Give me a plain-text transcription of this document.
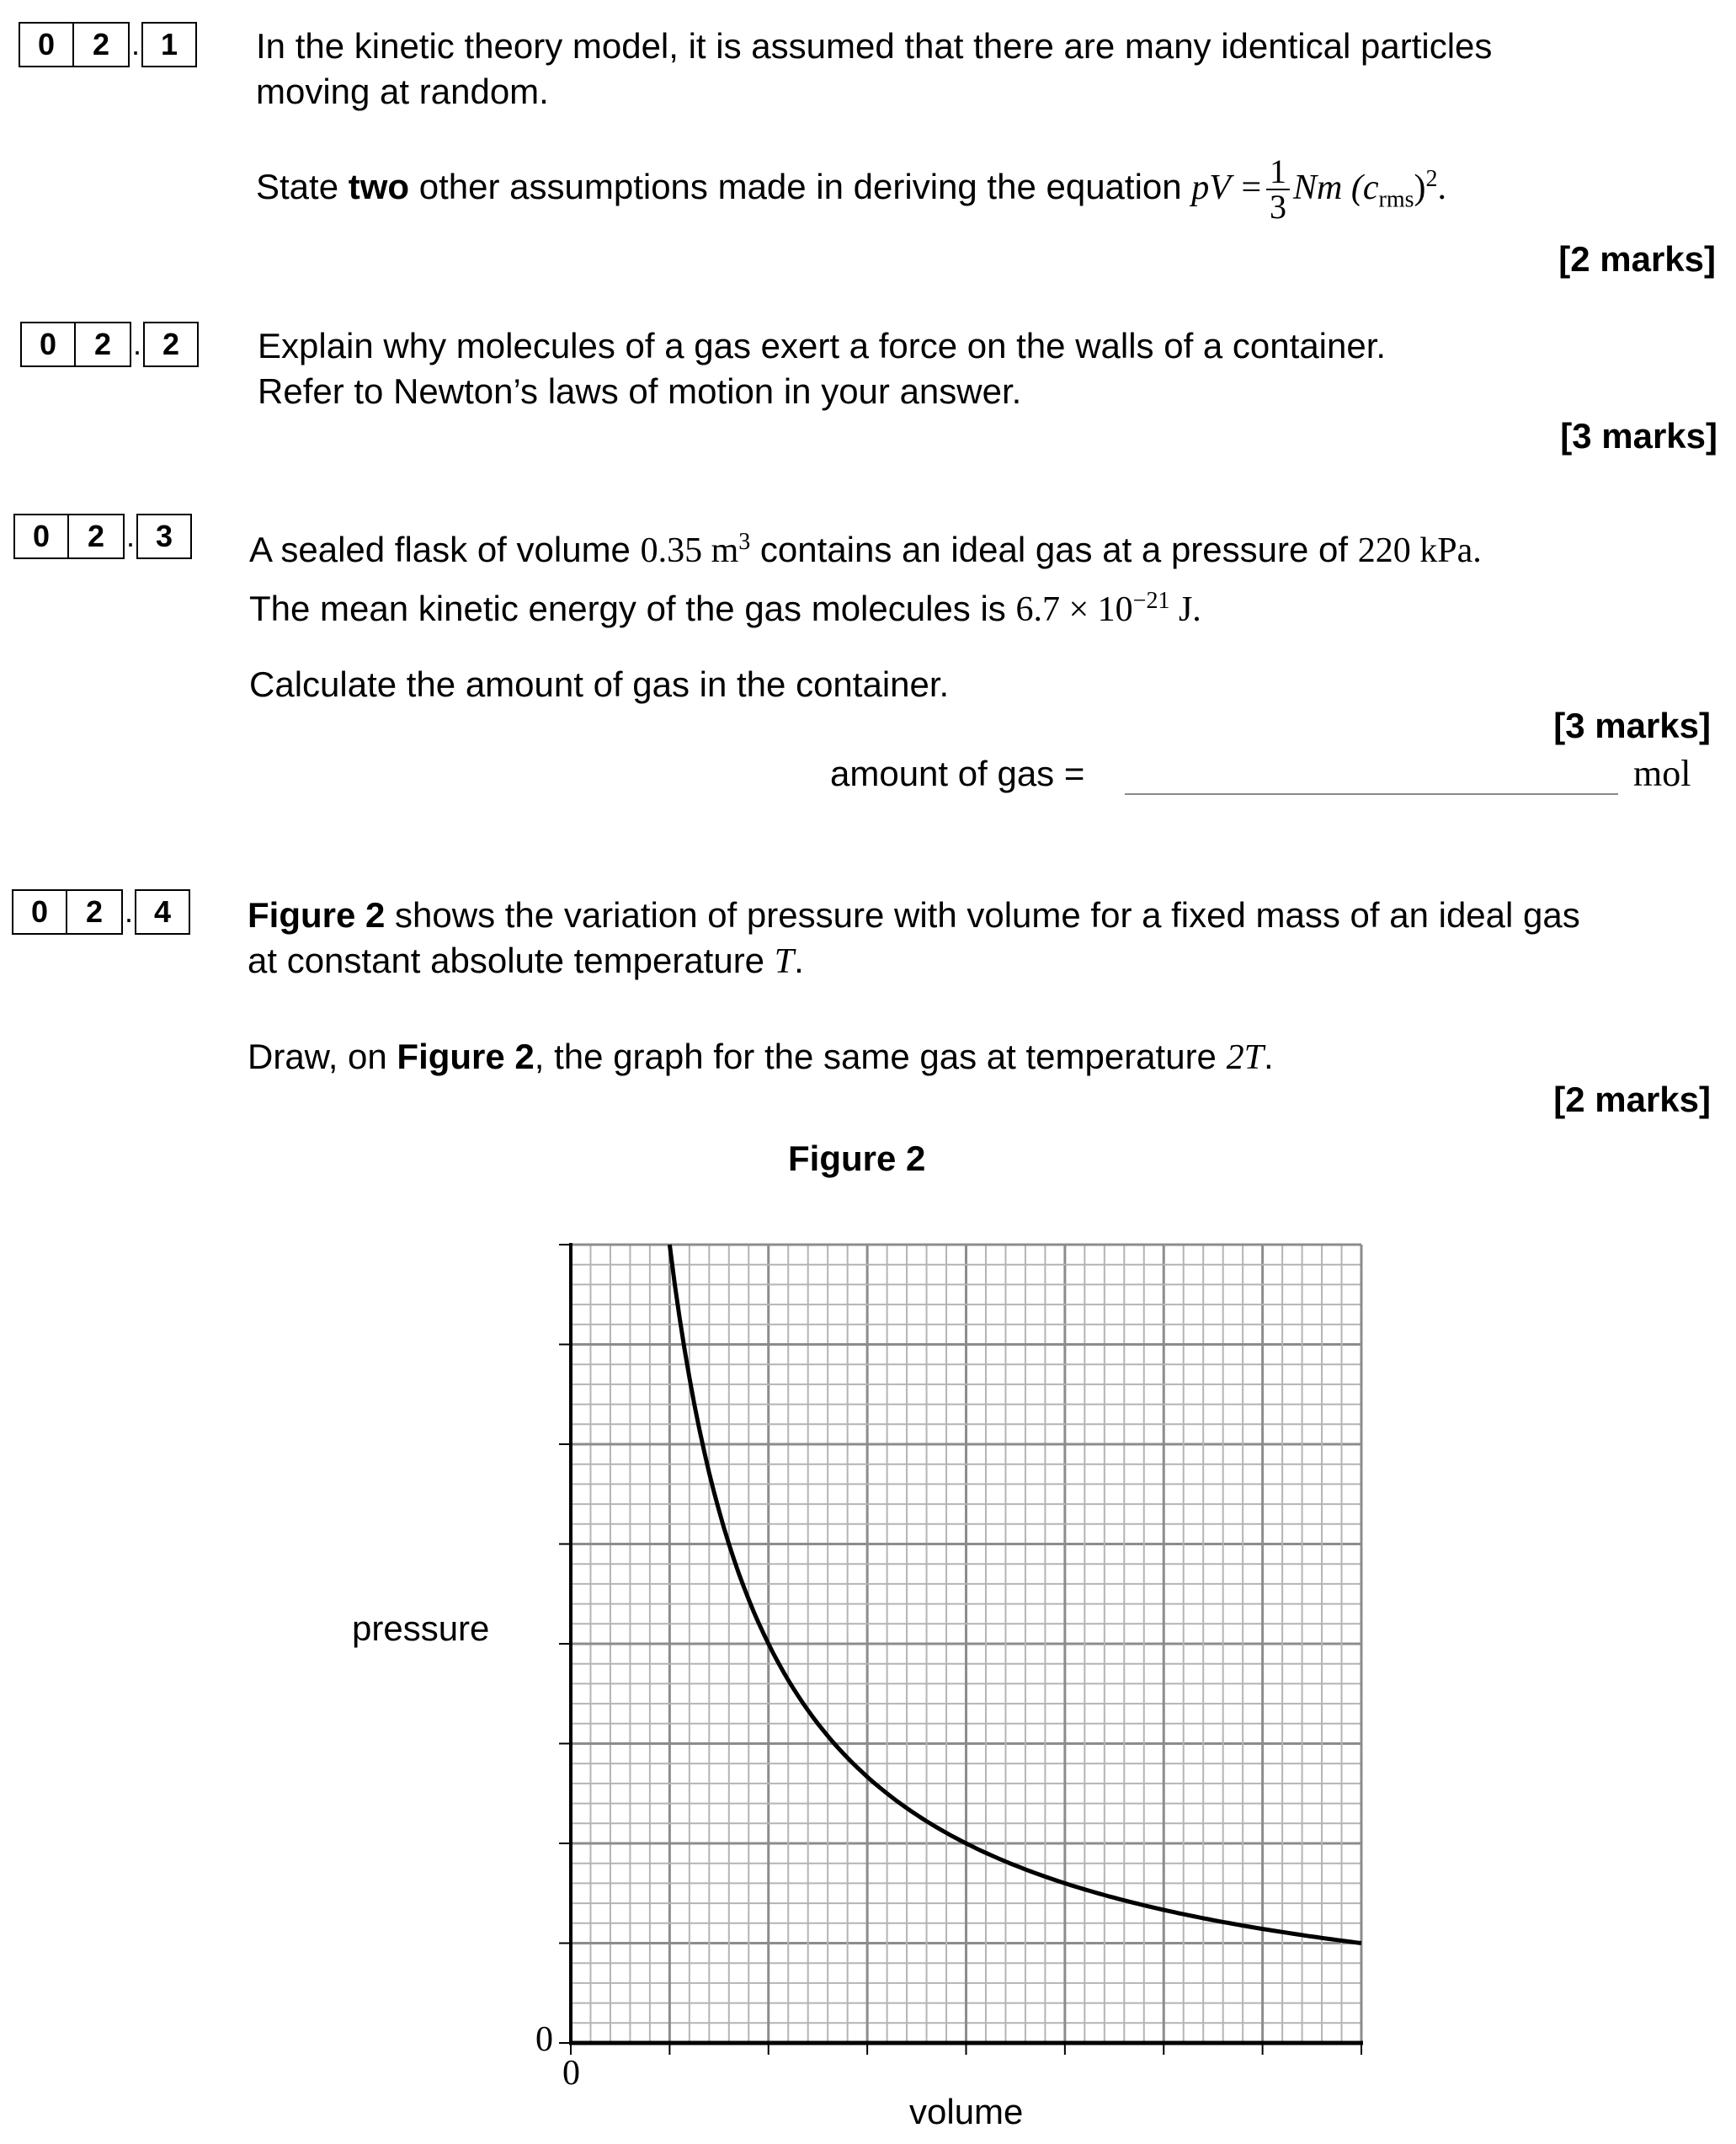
0	2 . 1	In the kinetic theory model, it is assumed that there are many identical particles
moving at random.
State two other assumptions made in deriving the equation pV = $\frac{1}{3}$ Nm $(c_{rms})^2$.
[2 marks]
0	2 . 2	Explain why molecules of a gas exert a force on the walls of a container.
Refer to Newton’s laws of motion in your answer.
[3 marks]
0	2 . 3	A sealed flask of volume 0.35 $m^3$ contains an ideal gas at a pressure of 220 kPa.
The mean kinetic energy of the gas molecules is $6.7 \times 10^{-21}$ J.
Calculate the amount of gas in the container.
[3 marks]
amount of gas =	mol
0	2 . 4	Figure 2 shows the variation of pressure with volume for a fixed mass of an ideal gas
at constant absolute temperature T.
Draw, on Figure 2, the graph for the same gas at temperature 2T.
[2 marks]
Figure 2
pressure
volume
0
0
